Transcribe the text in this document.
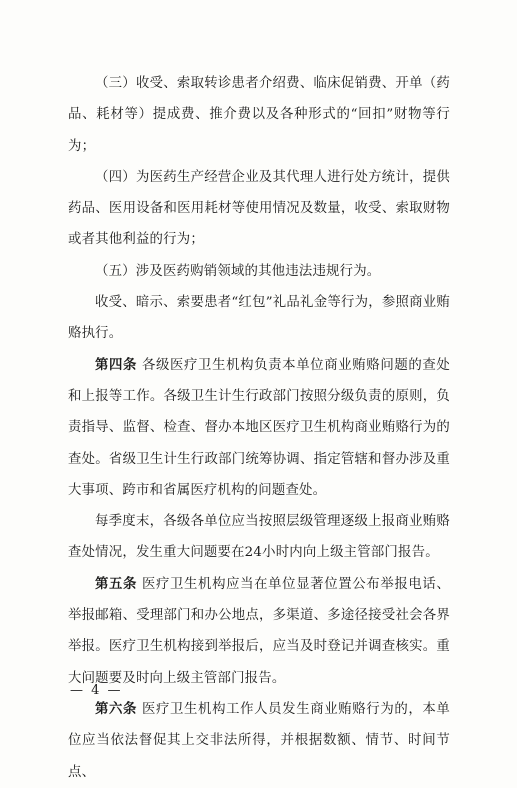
（三）收受、索取转诊患者介绍费、临床促销费、开单（药品、耗材等）提成费、推介费以及各种形式的“回扣”财物等行为；

（四）为医药生产经营企业及其代理人进行处方统计，提供药品、医用设备和医用耗材等使用情况及数量，收受、索取财物或者其他利益的行为；

（五）涉及医药购销领域的其他违法违规行为。

收受、暗示、索要患者“红包”礼品礼金等行为，参照商业贿赂执行。

第四条 各级医疗卫生机构负责本单位商业贿赂问题的查处和上报等工作。各级卫生计生行政部门按照分级负责的原则，负责指导、监督、检查、督办本地区医疗卫生机构商业贿赂行为的查处。省级卫生计生行政部门统筹协调、指定管辖和督办涉及重大事项、跨市和省属医疗机构的问题查处。

每季度末，各级各单位应当按照层级管理逐级上报商业贿赂查处情况，发生重大问题要在24小时内向上级主管部门报告。

第五条 医疗卫生机构应当在单位显著位置公布举报电话、举报邮箱、受理部门和办公地点，多渠道、多途径接受社会各界举报。医疗卫生机构接到举报后，应当及时登记并调查核实。重大问题要及时向上级主管部门报告。

第六条 医疗卫生机构工作人员发生商业贿赂行为的，本单位应当依法督促其上交非法所得，并根据数额、情节、时间节点、

— 4 —
